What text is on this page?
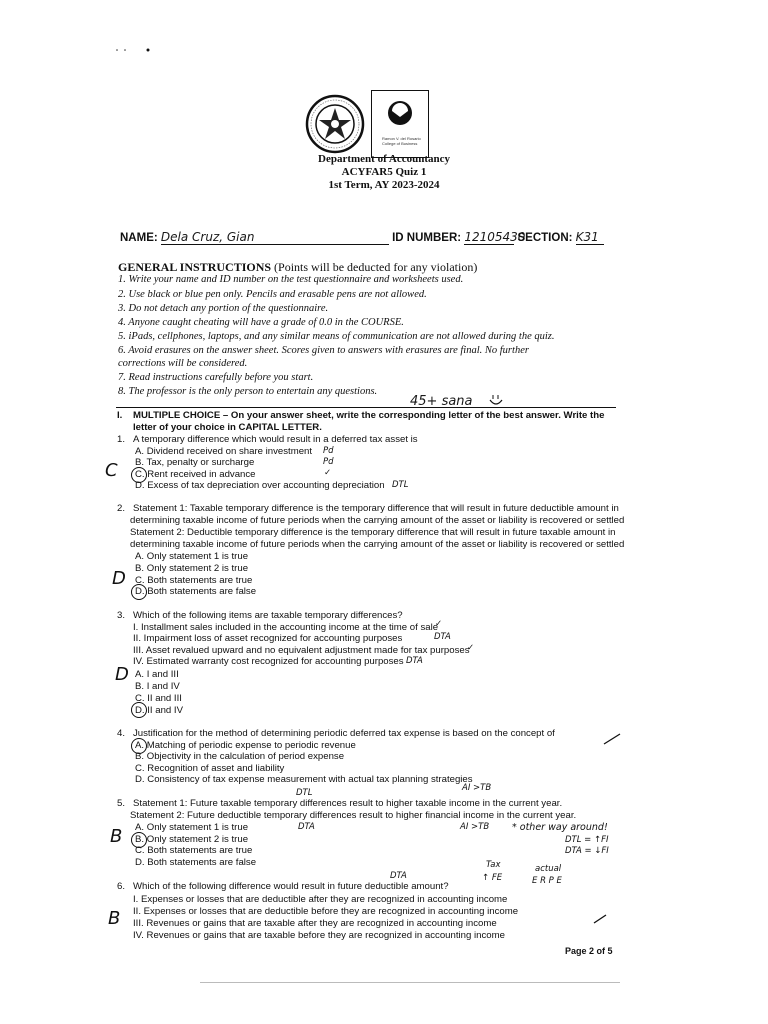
Ramon V. del Rosario College of Business
Department of Accountancy
ACYFAR5 Quiz 1
1st Term, AY 2023-2024
NAME: Dela Cruz, Gian	ID NUMBER: 12105430 SECTION: K31
GENERAL INSTRUCTIONS (Points will be deducted for any violation)
1. Write your name and ID number on the test questionnaire and worksheets used.
2. Use black or blue pen only. Pencils and erasable pens are not allowed.
3. Do not detach any portion of the questionnaire.
4. Anyone caught cheating will have a grade of 0.0 in the COURSE.
5. iPads, cellphones, laptops, and any similar means of communication are not allowed during the quiz.
6. Avoid erasures on the answer sheet. Scores given to answers with erasures are final. No further
corrections will be considered.
7. Read instructions carefully before you start.
8. The professor is the only person to entertain any questions.
45+ sana
I. MULTIPLE CHOICE – On your answer sheet, write the corresponding letter of the best answer. Write the
letter of your choice in CAPITAL LETTER.
1. A temporary difference which would result in a deferred tax asset is
A. Dividend received on share investment
B. Tax, penalty or surcharge
C. Rent received in advance
D. Excess of tax depreciation over accounting depreciation
Pd
Pd
✓
DTL
C
2. Statement 1: Taxable temporary difference is the temporary difference that will result in future deductible amount in
determining taxable income of future periods when the carrying amount of the asset or liability is recovered or settled
Statement 2: Deductible temporary difference is the temporary difference that will result in future taxable amount in
determining taxable income of future periods when the carrying amount of the asset or liability is recovered or settled
A. Only statement 1 is true
B. Only statement 2 is true
C. Both statements are true
D. Both statements are false
D
3. Which of the following items are taxable temporary differences?
I. Installment sales included in the accounting income at the time of sale
II. Impairment loss of asset recognized for accounting purposes
III. Asset revalued upward and no equivalent adjustment made for tax purposes
IV. Estimated warranty cost recognized for accounting purposes
✓
DTA
✓
DTA
A. I and III
B. I and IV
C. II and III
D. II and IV
D
4. Justification for the method of determining periodic deferred tax expense is based on the concept of
A. Matching of periodic expense to periodic revenue
B. Objectivity in the calculation of period expense
C. Recognition of asset and liability
D. Consistency of tax expense measurement with actual tax planning strategies
DTL	AI >TB
5. Statement 1: Future taxable temporary differences result to higher taxable income in the current year.
Statement 2: Future deductible temporary differences result to higher financial income in the current year.
A. Only statement 1 is true
B. Only statement 2 is true
C. Both statements are true
D. Both statements are false
B	DTA	AI >TB * other way around!
DTL = ↑FI
DTA = ↓FI
Tax
↑ FE
actual
E R P E
DTA
6. Which of the following difference would result in future deductible amount?
I. Expenses or losses that are deductible after they are recognized in accounting income
II. Expenses or losses that are deductible before they are recognized in accounting income
III. Revenues or gains that are taxable after they are recognized in accounting income
IV. Revenues or gains that are taxable before they are recognized in accounting income
B
Page 2 of 5
